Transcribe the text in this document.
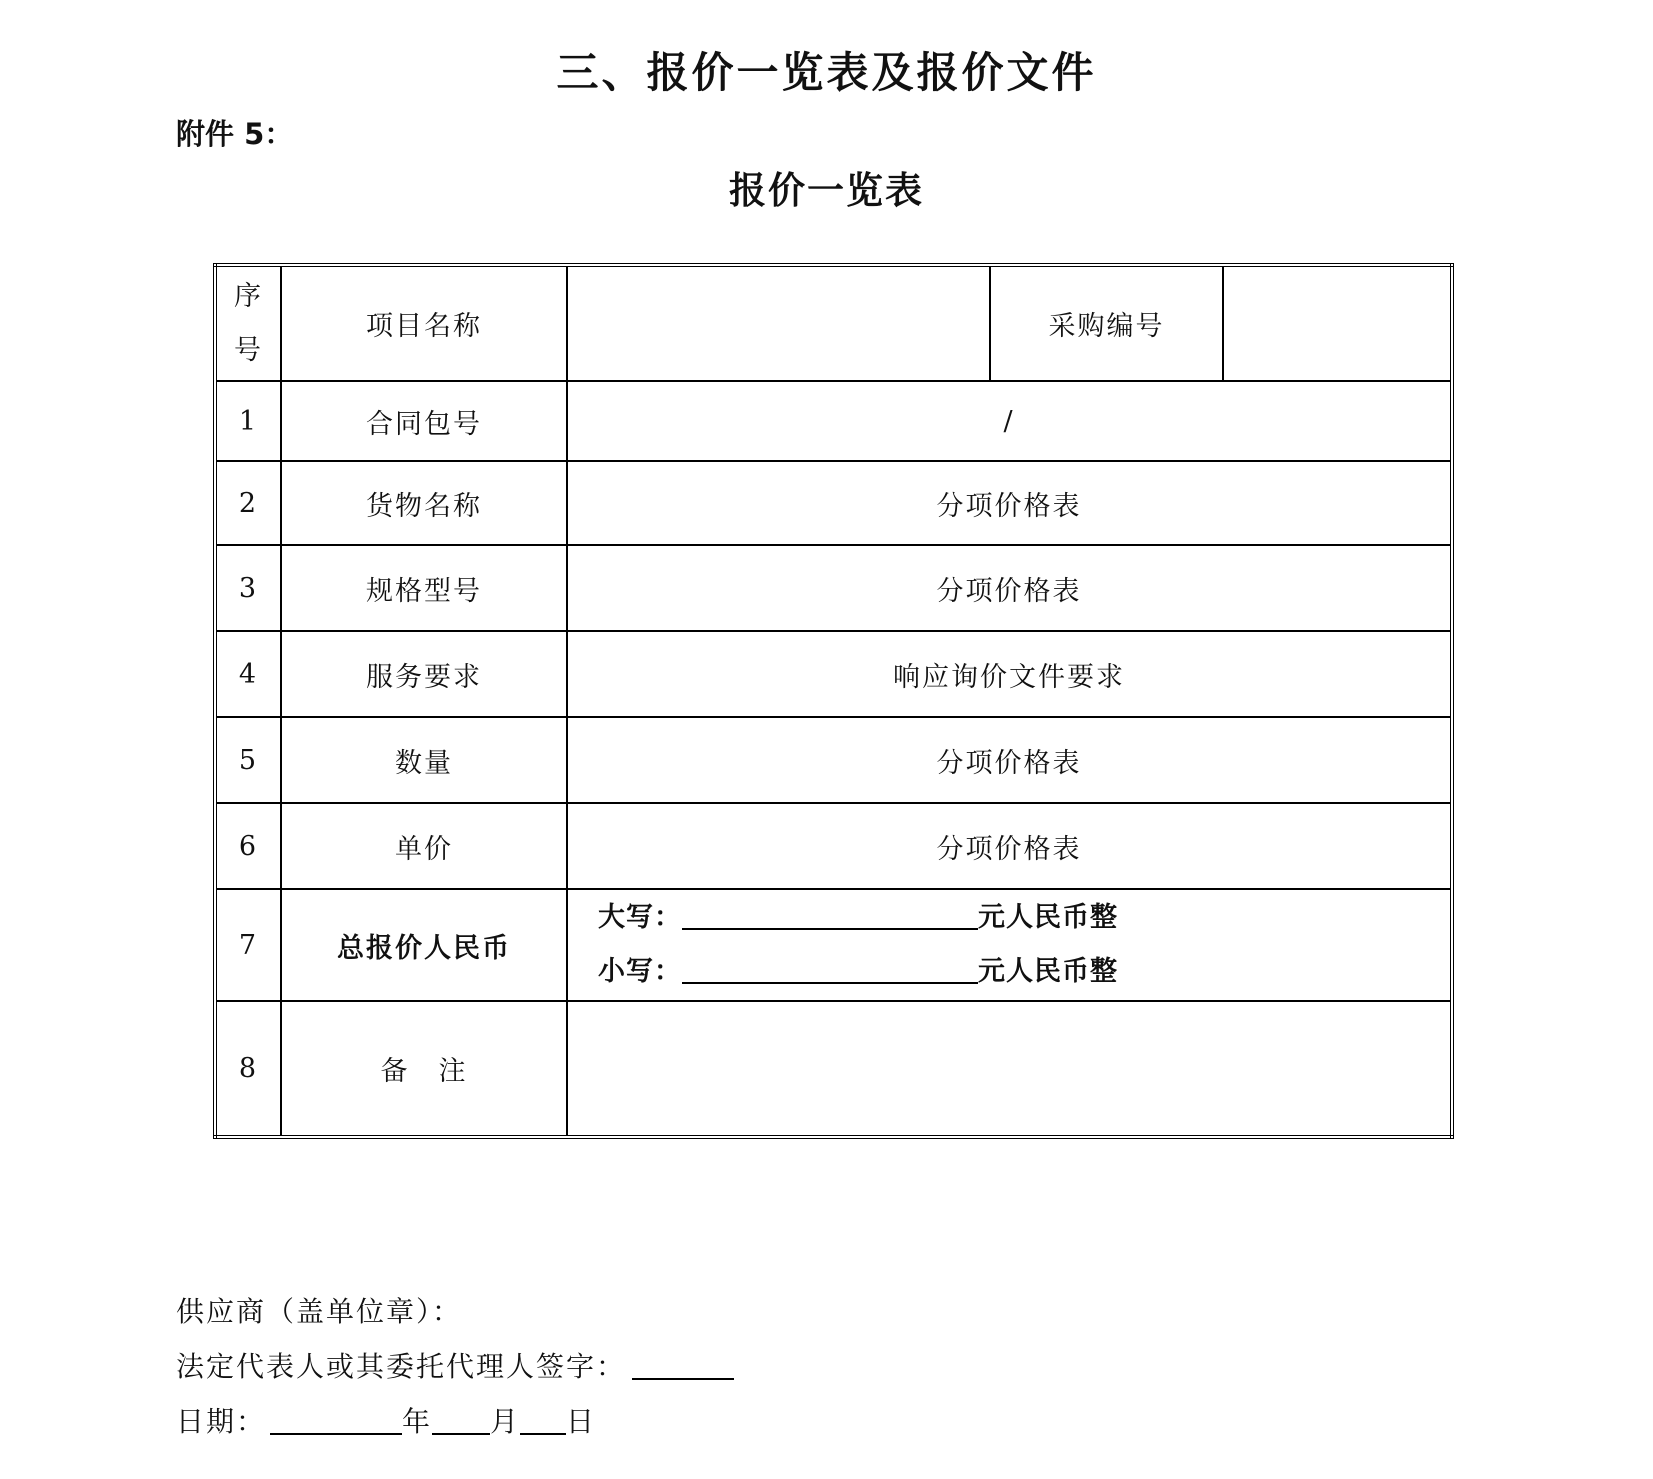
三、报价一览表及报价文件
附件 5：
报价一览表
序
号	项目名称		采购编号	
1	合同包号	/		
2	货物名称	分项价格表		
3	规格型号	分项价格表		
4	服务要求	响应询价文件要求		
5	数量	分项价格表		
6	单价	分项价格表		
7	总报价人民币	大写： 元人民币整
小写： 元人民币整		

8	备　注			
供应商（盖单位章）：
法定代表人或其委托代理人签字：
日期：	年 月 日
